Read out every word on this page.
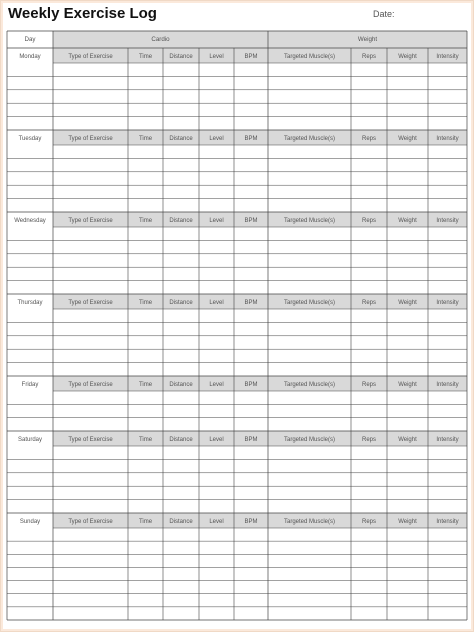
Weekly Exercise Log	Date:
Day	Cardio	Weight
Monday	Type of Exercise	Time	Distance	Level	BPM	Targeted Muscle(s)	Reps	Weight	Intensity
Tuesday	Type of Exercise	Time	Distance	Level	BPM	Targeted Muscle(s)	Reps	Weight	Intensity
Wednesday	Type of Exercise	Time	Distance	Level	BPM	Targeted Muscle(s)	Reps	Weight	Intensity
Thursday	Type of Exercise	Time	Distance	Level	BPM	Targeted Muscle(s)	Reps	Weight	Intensity
Friday	Type of Exercise	Time	Distance	Level	BPM	Targeted Muscle(s)	Reps	Weight	Intensity
Saturday	Type of Exercise	Time	Distance	Level	BPM	Targeted Muscle(s)	Reps	Weight	Intensity
Sunday	Type of Exercise	Time	Distance	Level	BPM	Targeted Muscle(s)	Reps	Weight	Intensity
